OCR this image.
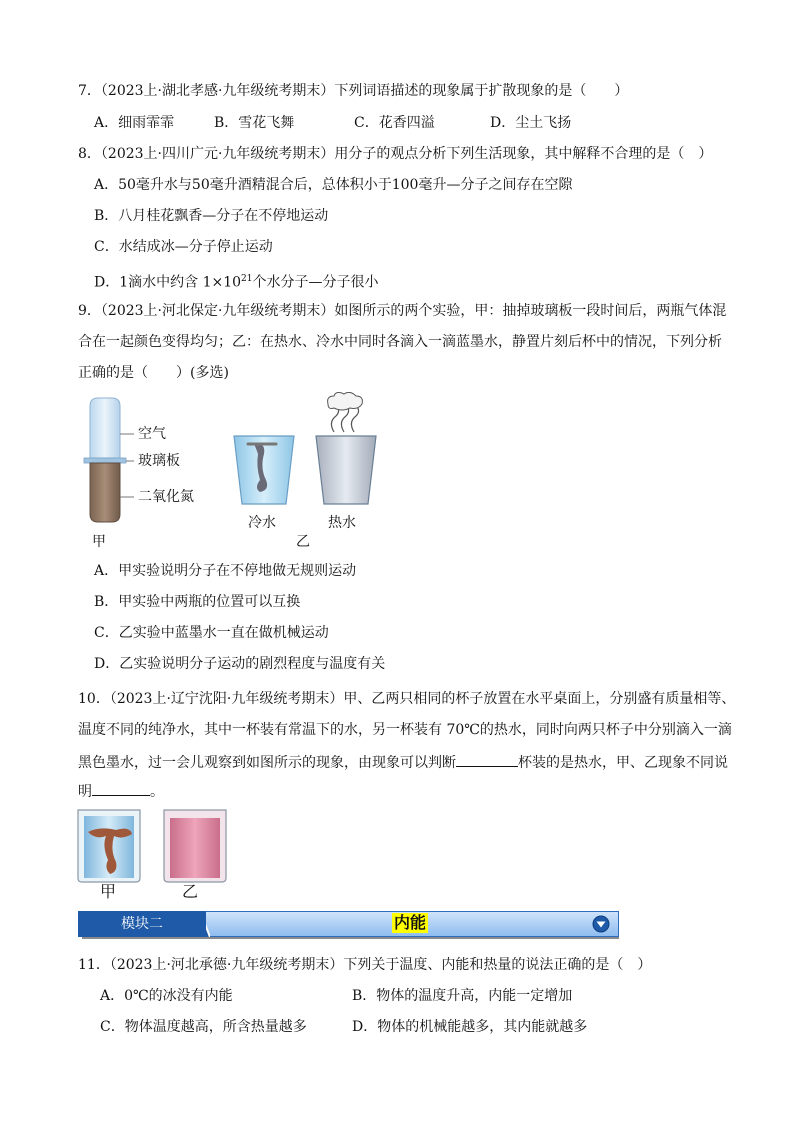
7．（2023上·湖北孝感·九年级统考期末）下列词语描述的现象属于扩散现象的是（　　）
A．细雨霏霏	B．雪花飞舞	C．花香四溢	D．尘土飞扬
8．（2023上·四川广元·九年级统考期末）用分子的观点分析下列生活现象，其中解释不合理的是（　）
A．50毫升水与50毫升酒精混合后，总体积小于100毫升—分子之间存在空隙
B．八月桂花飘香—分子在不停地运动
C．水结成冰—分子停止运动
D．1滴水中约含 $1\times 10^{21}$个水分子—分子很小
9．（2023上·河北保定·九年级统考期末）如图所示的两个实验，甲：抽掉玻璃板一段时间后，两瓶气体混
合在一起颜色变得均匀；乙：在热水、冷水中同时各滴入一滴蓝墨水，静置片刻后杯中的情况，下列分析
正确的是（　　）(多选)
空气
玻璃板
二氧化氮
甲
冷水	热水
乙
A．甲实验说明分子在不停地做无规则运动
B．甲实验中两瓶的位置可以互换
C．乙实验中蓝墨水一直在做机械运动
D．乙实验说明分子运动的剧烈程度与温度有关
10．（2023上·辽宁沈阳·九年级统考期末）甲、乙两只相同的杯子放置在水平桌面上，分别盛有质量相等、
温度不同的纯净水，其中一杯装有常温下的水，另一杯装有 70℃的热水，同时向两只杯子中分别滴入一滴
黑色墨水，过一会儿观察到如图所示的现象，由现象可以判断	杯装的是热水，甲、乙现象不同说
明	。
甲	乙
模块二	内能
11．（2023上·河北承德·九年级统考期末）下列关于温度、内能和热量的说法正确的是（　）
A．0℃的冰没有内能	B．物体的温度升高，内能一定增加
C．物体温度越高，所含热量越多	D．物体的机械能越多，其内能就越多
